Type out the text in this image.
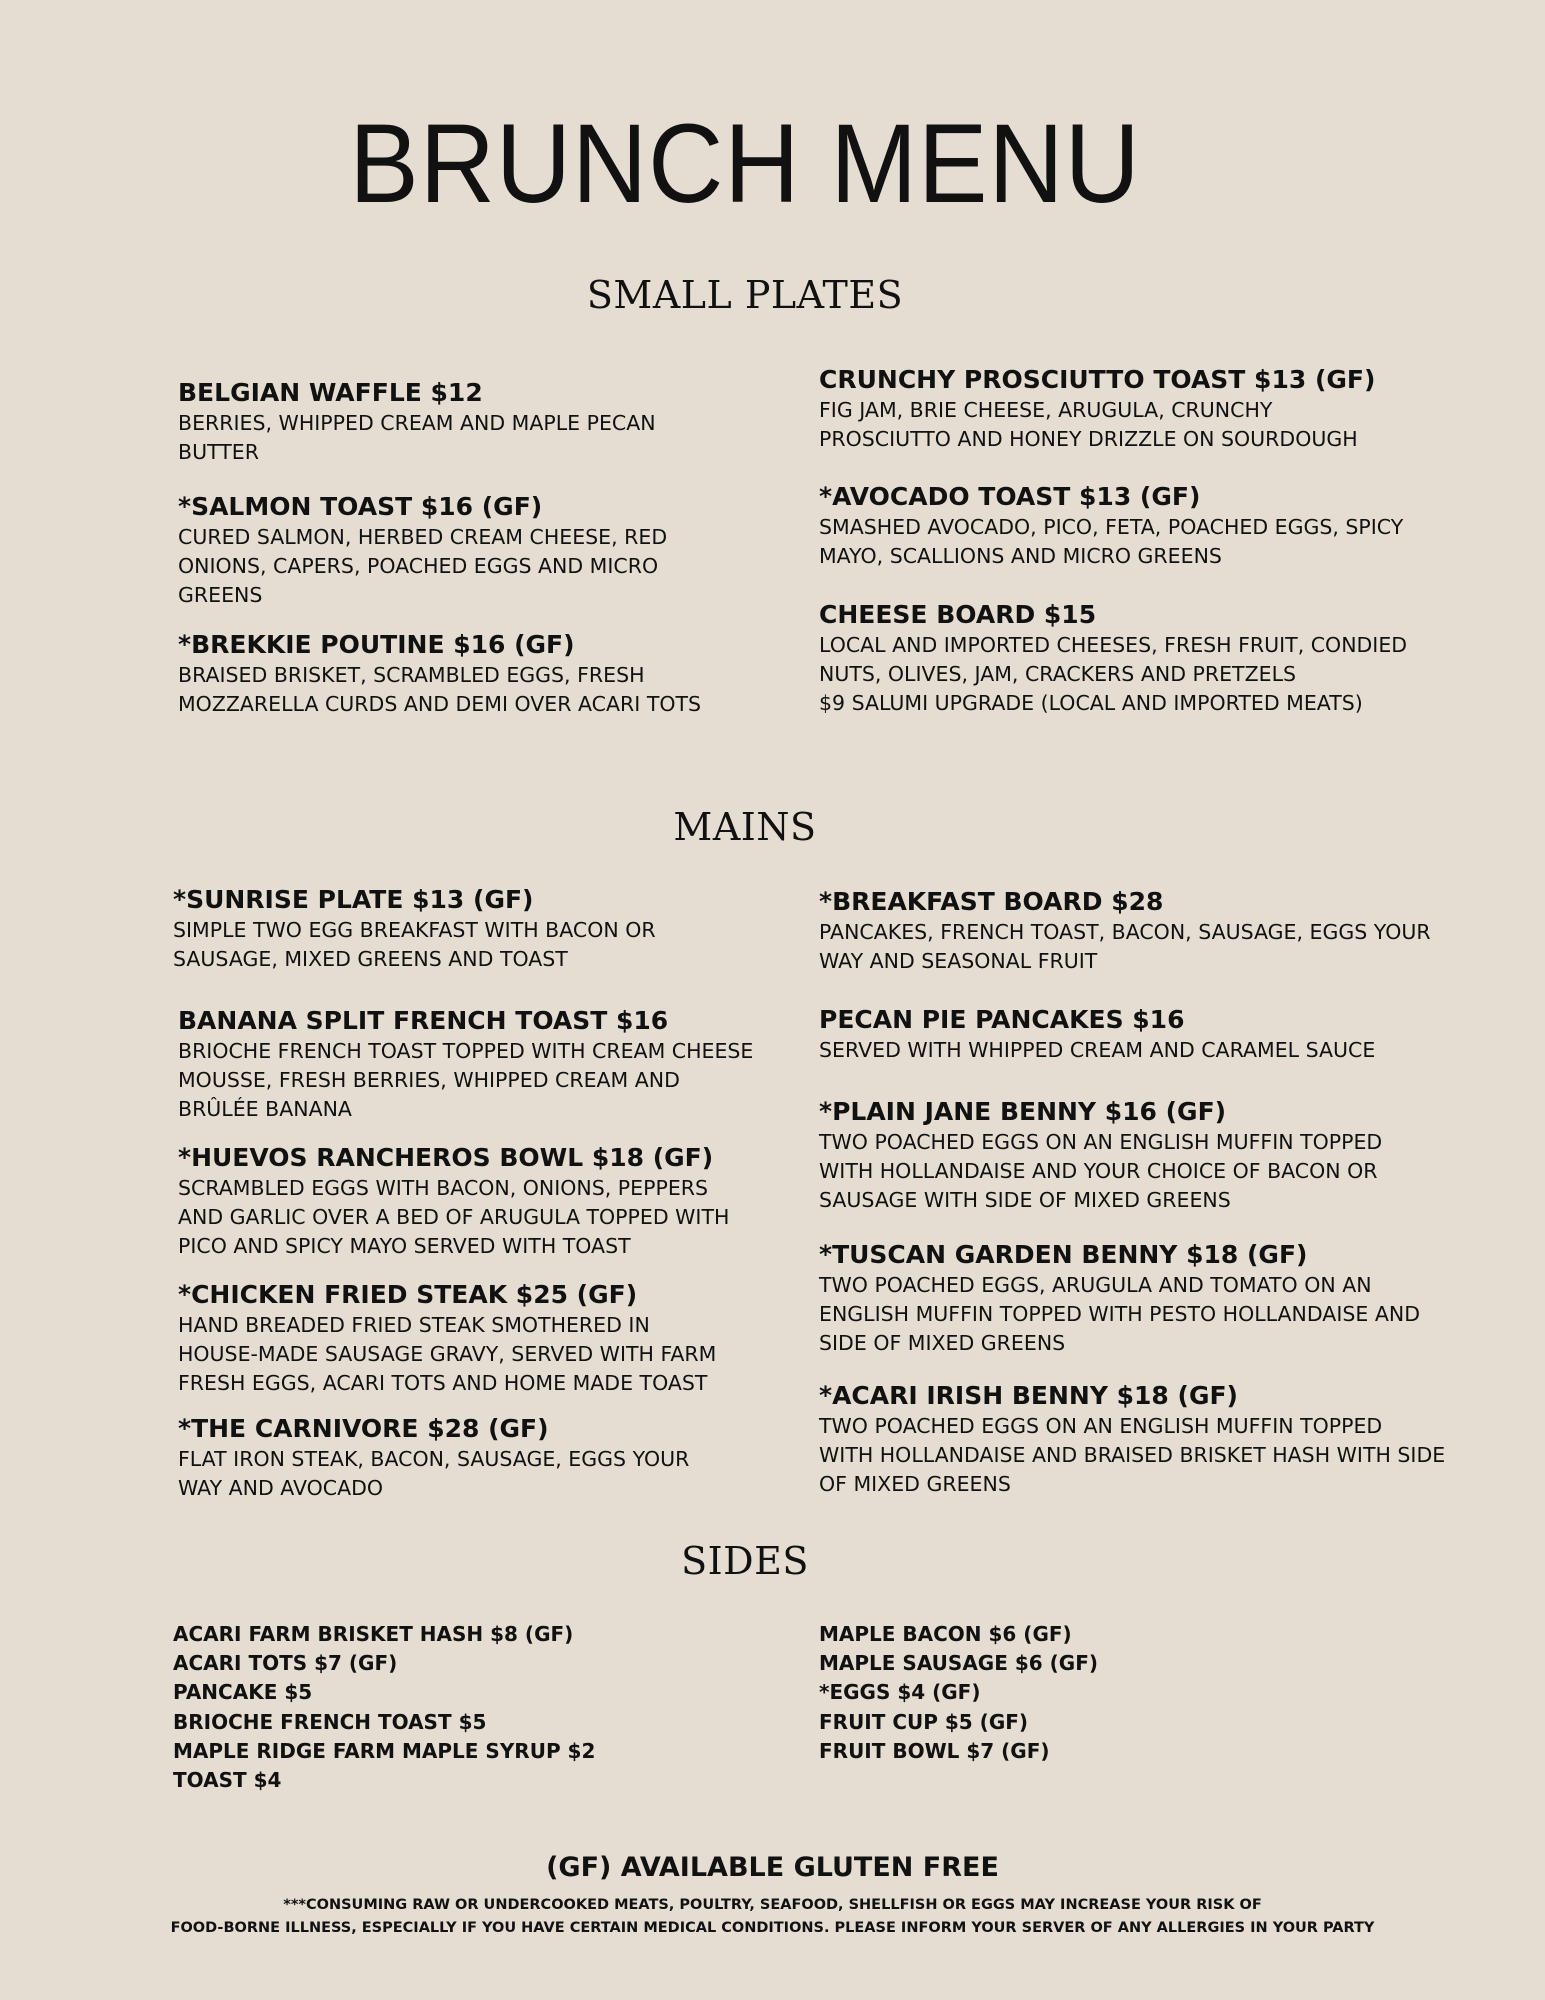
BRUNCH MENU
SMALL PLATES
BELGIAN WAFFLE $12
BERRIES, WHIPPED CREAM AND MAPLE PECAN
BUTTER
*SALMON TOAST $16 (GF)
CURED SALMON, HERBED CREAM CHEESE, RED
ONIONS, CAPERS, POACHED EGGS AND MICRO
GREENS
*BREKKIE POUTINE $16 (GF)
BRAISED BRISKET, SCRAMBLED EGGS, FRESH
MOZZARELLA CURDS AND DEMI OVER ACARI TOTS
CRUNCHY PROSCIUTTO TOAST $13 (GF)
FIG JAM, BRIE CHEESE, ARUGULA, CRUNCHY
PROSCIUTTO AND HONEY DRIZZLE ON SOURDOUGH
*AVOCADO TOAST $13 (GF)
SMASHED AVOCADO, PICO, FETA, POACHED EGGS, SPICY
MAYO, SCALLIONS AND MICRO GREENS
CHEESE BOARD $15
LOCAL AND IMPORTED CHEESES, FRESH FRUIT, CONDIED
NUTS, OLIVES, JAM, CRACKERS AND PRETZELS
$9 SALUMI UPGRADE (LOCAL AND IMPORTED MEATS)
MAINS
*SUNRISE PLATE $13 (GF)
SIMPLE TWO EGG BREAKFAST WITH BACON OR
SAUSAGE, MIXED GREENS AND TOAST
BANANA SPLIT FRENCH TOAST $16
BRIOCHE FRENCH TOAST TOPPED WITH CREAM CHEESE
MOUSSE, FRESH BERRIES, WHIPPED CREAM AND
BRÛLÉE BANANA
*HUEVOS RANCHEROS BOWL $18 (GF)
SCRAMBLED EGGS WITH BACON, ONIONS, PEPPERS
AND GARLIC OVER A BED OF ARUGULA TOPPED WITH
PICO AND SPICY MAYO SERVED WITH TOAST
*CHICKEN FRIED STEAK $25 (GF)
HAND BREADED FRIED STEAK SMOTHERED IN
HOUSE-MADE SAUSAGE GRAVY, SERVED WITH FARM
FRESH EGGS, ACARI TOTS AND HOME MADE TOAST
*THE CARNIVORE $28 (GF)
FLAT IRON STEAK, BACON, SAUSAGE, EGGS YOUR
WAY AND AVOCADO
*BREAKFAST BOARD $28
PANCAKES, FRENCH TOAST, BACON, SAUSAGE, EGGS YOUR
WAY AND SEASONAL FRUIT
PECAN PIE PANCAKES $16
SERVED WITH WHIPPED CREAM AND CARAMEL SAUCE
*PLAIN JANE BENNY $16 (GF)
TWO POACHED EGGS ON AN ENGLISH MUFFIN TOPPED
WITH HOLLANDAISE AND YOUR CHOICE OF BACON OR
SAUSAGE WITH SIDE OF MIXED GREENS
*TUSCAN GARDEN BENNY $18 (GF)
TWO POACHED EGGS, ARUGULA AND TOMATO ON AN
ENGLISH MUFFIN TOPPED WITH PESTO HOLLANDAISE AND
SIDE OF MIXED GREENS
*ACARI IRISH BENNY $18 (GF)
TWO POACHED EGGS ON AN ENGLISH MUFFIN TOPPED
WITH HOLLANDAISE AND BRAISED BRISKET HASH WITH SIDE
OF MIXED GREENS
SIDES
ACARI FARM BRISKET HASH $8 (GF)
ACARI TOTS $7 (GF)
PANCAKE $5
BRIOCHE FRENCH TOAST $5
MAPLE RIDGE FARM MAPLE SYRUP $2
TOAST $4
MAPLE BACON $6 (GF)
MAPLE SAUSAGE $6 (GF)
*EGGS $4 (GF)
FRUIT CUP $5 (GF)
FRUIT BOWL $7 (GF)
(GF) AVAILABLE GLUTEN FREE
***CONSUMING RAW OR UNDERCOOKED MEATS, POULTRY, SEAFOOD, SHELLFISH OR EGGS MAY INCREASE YOUR RISK OF
FOOD-BORNE ILLNESS, ESPECIALLY IF YOU HAVE CERTAIN MEDICAL CONDITIONS. PLEASE INFORM YOUR SERVER OF ANY ALLERGIES IN YOUR PARTY
